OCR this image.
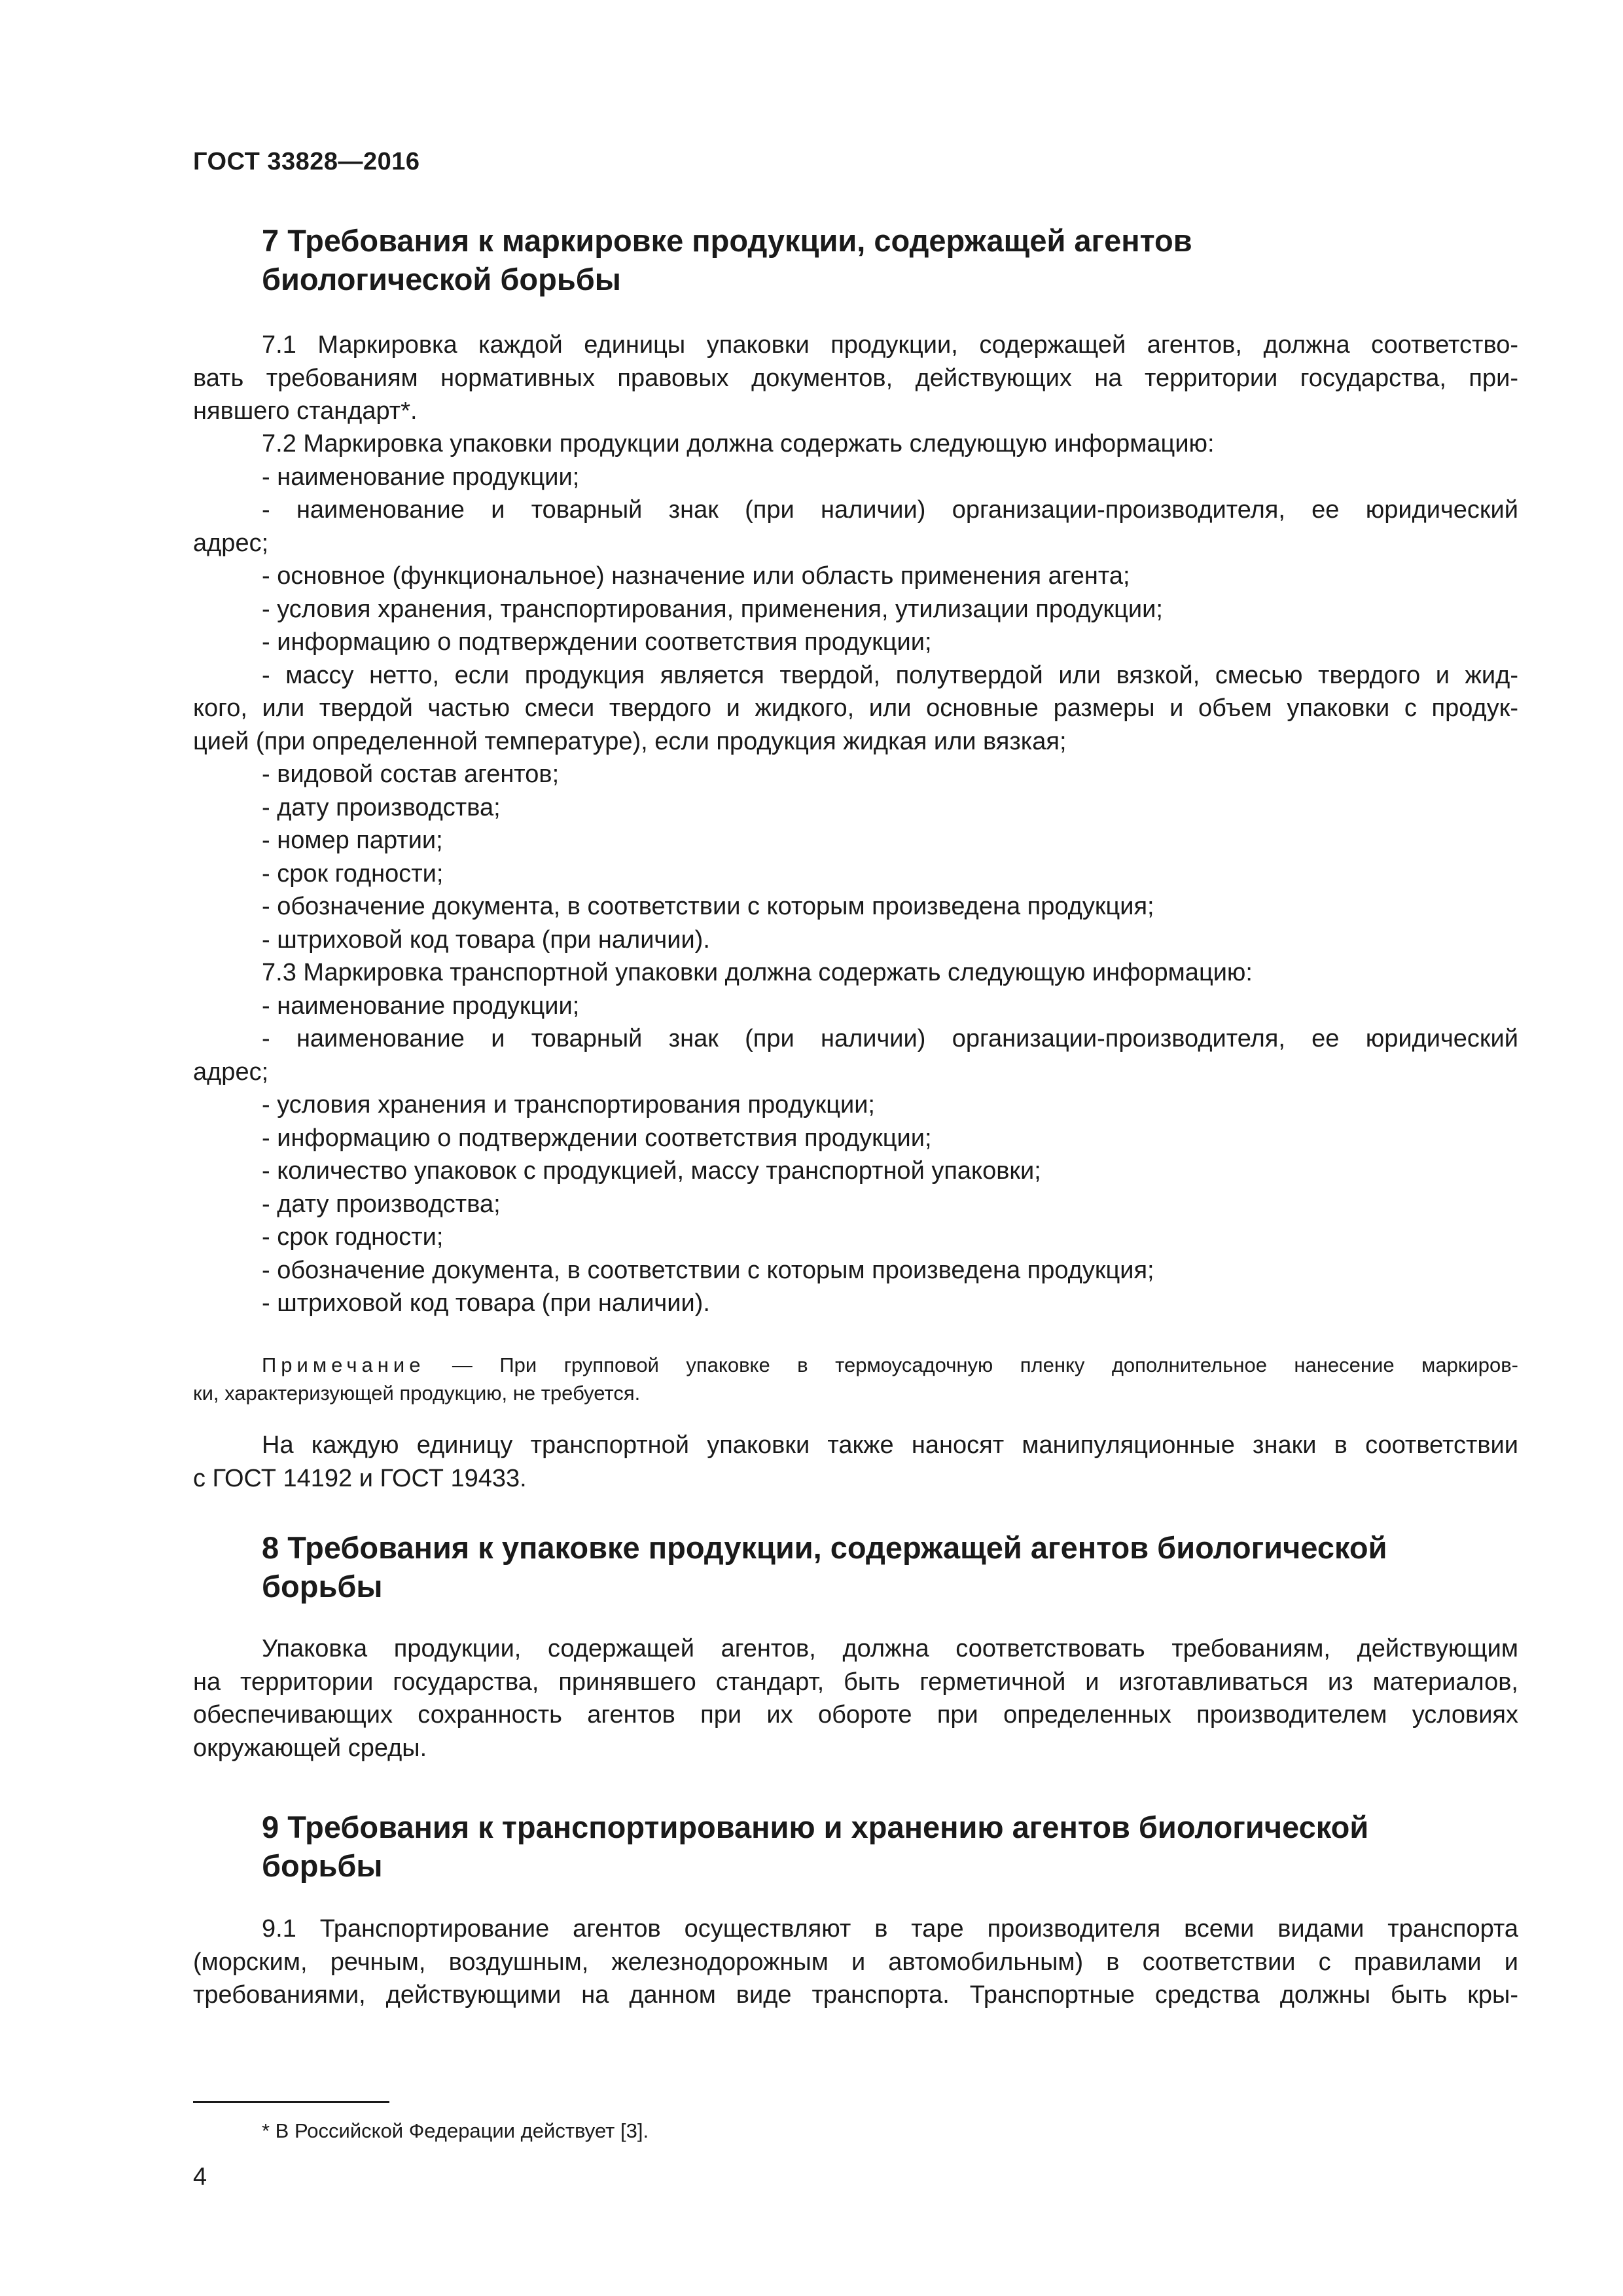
ГОСТ 33828—2016
7 Требования к маркировке продукции, содержащей агентов
биологической борьбы
7.1 Маркировка каждой единицы упаковки продукции, содержащей агентов, должна соответство-
вать требованиям нормативных правовых документов, действующих на территории государства, при-
нявшего стандарт*.
7.2 Маркировка упаковки продукции должна содержать следующую информацию:
- наименование продукции;
- наименование и товарный знак (при наличии) организации-производителя, ее юридический
адрес;
- основное (функциональное) назначение или область применения агента;
- условия хранения, транспортирования, применения, утилизации продукции;
- информацию о подтверждении соответствия продукции;
- массу нетто, если продукция является твердой, полутвердой или вязкой, смесью твердого и жид-
кого, или твердой частью смеси твердого и жидкого, или основные размеры и объем упаковки с продук-
цией (при определенной температуре), если продукция жидкая или вязкая;
- видовой состав агентов;
- дату производства;
- номер партии;
- срок годности;
- обозначение документа, в соответствии с которым произведена продукция;
- штриховой код товара (при наличии).
7.3 Маркировка транспортной упаковки должна содержать следующую информацию:
- наименование продукции;
- наименование и товарный знак (при наличии) организации-производителя, ее юридический
адрес;
- условия хранения и транспортирования продукции;
- информацию о подтверждении соответствия продукции;
- количество упаковок с продукцией, массу транспортной упаковки;
- дату производства;
- срок годности;
- обозначение документа, в соответствии с которым произведена продукция;
- штриховой код товара (при наличии).
Примечание — При групповой упаковке в термоусадочную пленку дополнительное нанесение маркиров-
ки, характеризующей продукцию, не требуется.
На каждую единицу транспортной упаковки также наносят манипуляционные знаки в соответствии
с ГОСТ 14192 и ГОСТ 19433.
8 Требования к упаковке продукции, содержащей агентов биологической
борьбы
Упаковка продукции, содержащей агентов, должна соответствовать требованиям, действующим
на территории государства, принявшего стандарт, быть герметичной и изготавливаться из материалов,
обеспечивающих сохранность агентов при их обороте при определенных производителем условиях
окружающей среды.
9 Требования к транспортированию и хранению агентов биологической
борьбы
9.1 Транспортирование агентов осуществляют в таре производителя всеми видами транспорта
(морским, речным, воздушным, железнодорожным и автомобильным) в соответствии с правилами и
требованиями, действующими на данном виде транспорта. Транспортные средства должны быть кры-
* В Российской Федерации действует [3].
4
